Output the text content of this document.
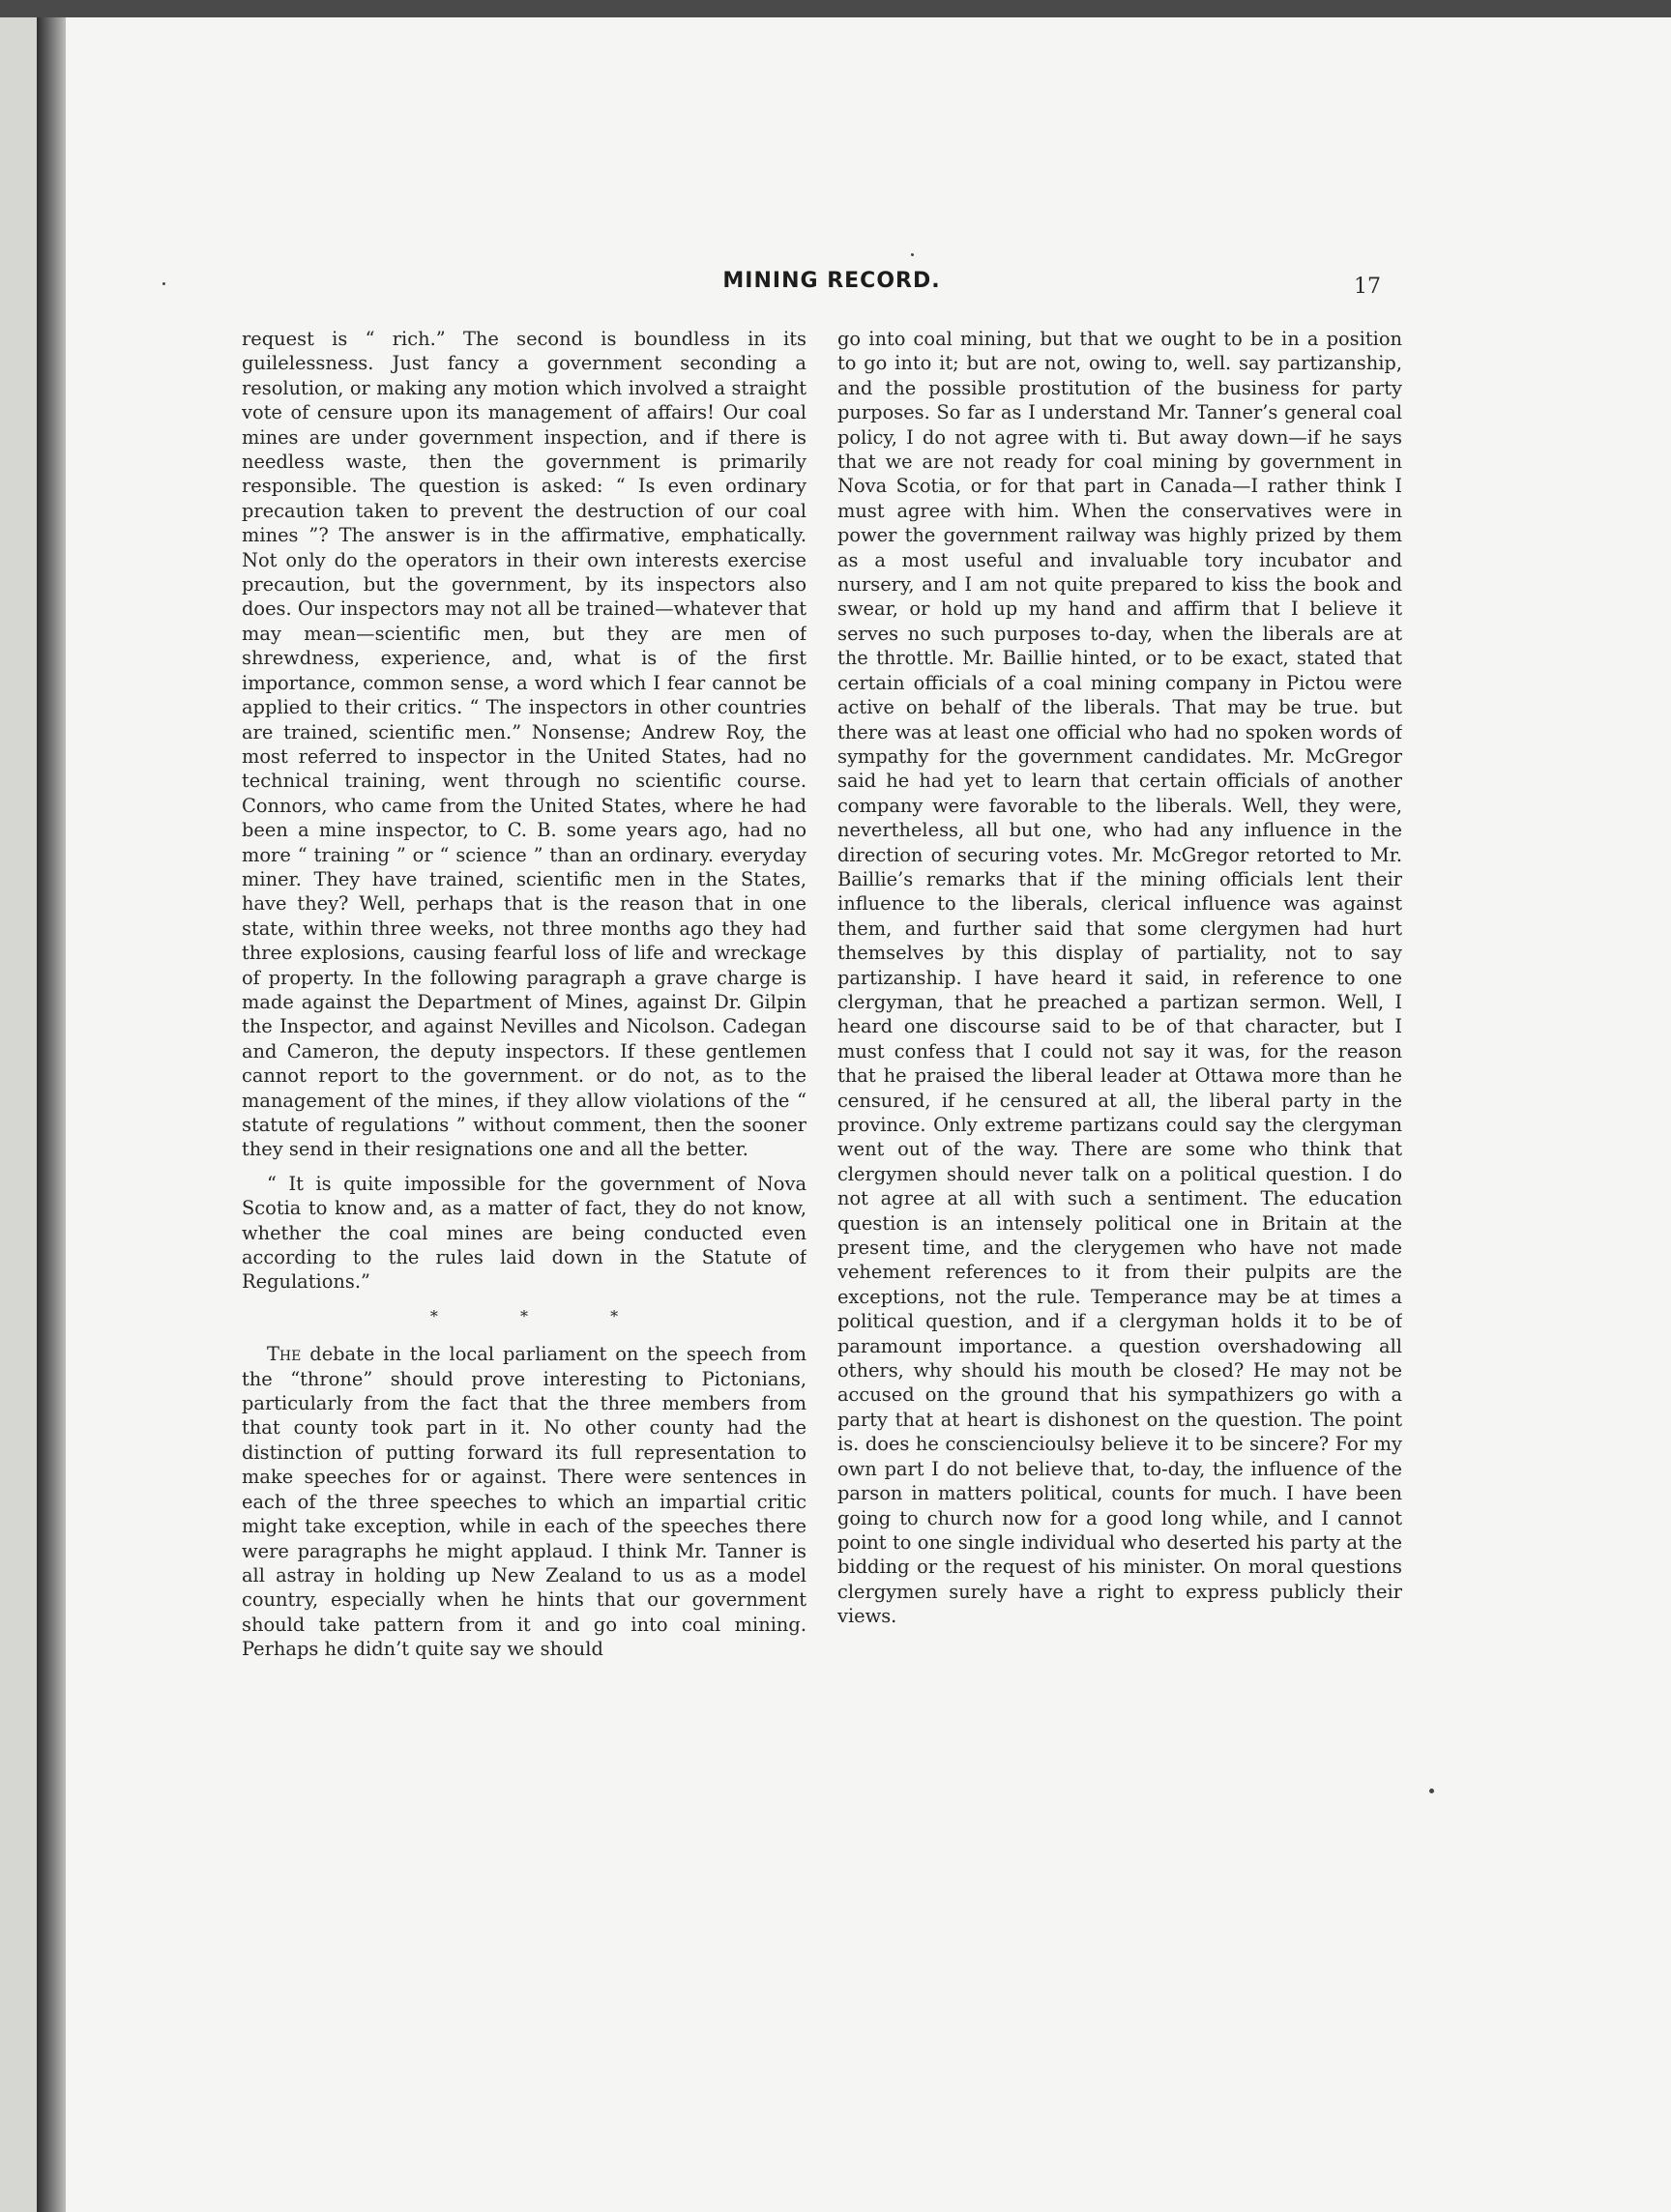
MINING RECORD.	17

request is “ rich.” The second is boundless in its guilelessness. Just fancy a government seconding a resolution, or making any motion which involved a straight vote of censure upon its management of affairs! Our coal mines are under government inspection, and if there is needless waste, then the government is primarily responsible. The question is asked: “ Is even ordinary precaution taken to prevent the destruction of our coal mines ”? The answer is in the affirmative, emphatically. Not only do the operators in their own interests exercise precaution, but the government, by its inspectors also does. Our inspectors may not all be trained—whatever that may mean—scientific men, but they are men of shrewdness, experience, and, what is of the first importance, common sense, a word which I fear cannot be applied to their critics. “ The inspectors in other countries are trained, scientific men.” Nonsense; Andrew Roy, the most referred to inspector in the United States, had no technical training, went through no scientific course. Connors, who came from the United States, where he had been a mine inspector, to C. B. some years ago, had no more “ training ” or “ science ” than an ordinary. everyday miner. They have trained, scientific men in the States, have they? Well, perhaps that is the reason that in one state, within three weeks, not three months ago they had three explosions, causing fearful loss of life and wreckage of property. In the following paragraph a grave charge is made against the Department of Mines, against Dr. Gilpin the Inspector, and against Nevilles and Nicolson. Cadegan and Cameron, the deputy inspectors. If these gentlemen cannot report to the government. or do not, as to the management of the mines, if they allow violations of the “ statute of regulations ” without comment, then the sooner they send in their resignations one and all the better.

“ It is quite impossible for the government of Nova Scotia to know and, as a matter of fact, they do not know, whether the coal mines are being conducted even according to the rules laid down in the Statute of Regulations.”

* * *

The debate in the local parliament on the speech from the “throne” should prove interesting to Pictonians, particularly from the fact that the three members from that county took part in it. No other county had the distinction of putting forward its full representation to make speeches for or against. There were sentences in each of the three speeches to which an impartial critic might take exception, while in each of the speeches there were paragraphs he might applaud. I think Mr. Tanner is all astray in holding up New Zealand to us as a model country, especially when he hints that our government should take pattern from it and go into coal mining. Perhaps he didn’t quite say we should

go into coal mining, but that we ought to be in a position to go into it; but are not, owing to, well. say partizanship, and the possible prostitution of the business for party purposes. So far as I understand Mr. Tanner’s general coal policy, I do not agree with ti. But away down—if he says that we are not ready for coal mining by government in Nova Scotia, or for that part in Canada—I rather think I must agree with him. When the conservatives were in power the government railway was highly prized by them as a most useful and invaluable tory incubator and nursery, and I am not quite prepared to kiss the book and swear, or hold up my hand and affirm that I believe it serves no such purposes to-day, when the liberals are at the throttle. Mr. Baillie hinted, or to be exact, stated that certain officials of a coal mining company in Pictou were active on behalf of the liberals. That may be true. but there was at least one official who had no spoken words of sympathy for the government candidates. Mr. McGregor said he had yet to learn that certain officials of another company were favorable to the liberals. Well, they were, nevertheless, all but one, who had any influence in the direction of securing votes. Mr. McGregor retorted to Mr. Baillie’s remarks that if the mining officials lent their influence to the liberals, clerical influence was against them, and further said that some clergymen had hurt themselves by this display of partiality, not to say partizanship. I have heard it said, in reference to one clergyman, that he preached a partizan sermon. Well, I heard one discourse said to be of that character, but I must confess that I could not say it was, for the reason that he praised the liberal leader at Ottawa more than he censured, if he censured at all, the liberal party in the province. Only extreme partizans could say the clergyman went out of the way. There are some who think that clergymen should never talk on a political question. I do not agree at all with such a sentiment. The education question is an intensely political one in Britain at the present time, and the clerygemen who have not made vehement references to it from their pulpits are the exceptions, not the rule. Temperance may be at times a political question, and if a clergyman holds it to be of paramount importance. a question overshadowing all others, why should his mouth be closed? He may not be accused on the ground that his sympathizers go with a party that at heart is dishonest on the question. The point is. does he consciencioulsy believe it to be sincere? For my own part I do not believe that, to-day, the influence of the parson in matters political, counts for much. I have been going to church now for a good long while, and I cannot point to one single individual who deserted his party at the bidding or the request of his minister. On moral questions clergymen surely have a right to express publicly their views.
